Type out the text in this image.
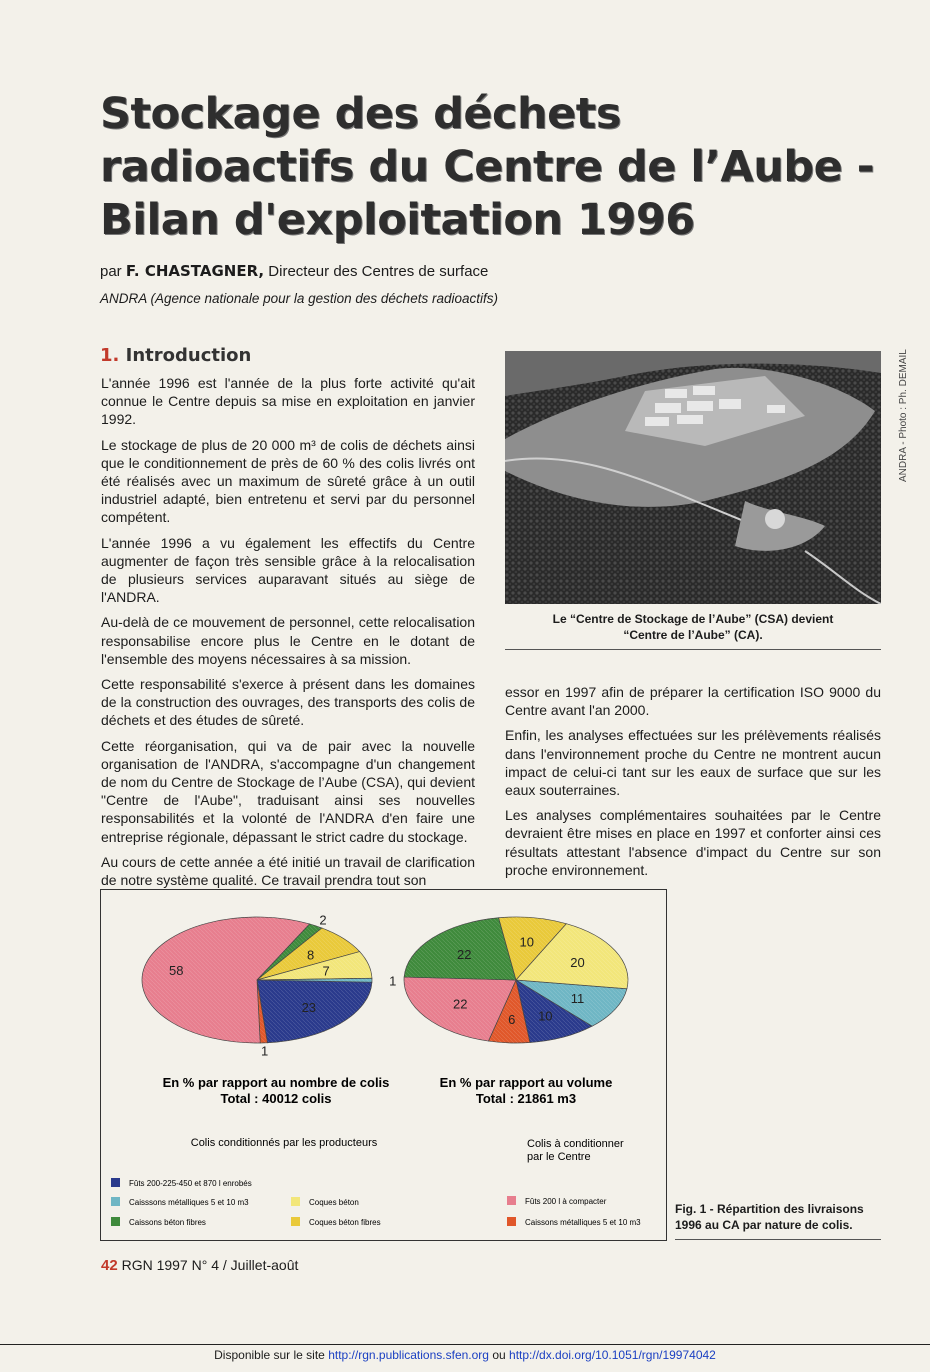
Stockage des déchets
radioactifs du Centre de l’Aube -
Bilan d'exploitation 1996
par F. CHASTAGNER, Directeur des Centres de surface
ANDRA (Agence nationale pour la gestion des déchets radioactifs)
1. Introduction

L'année 1996 est l'année de la plus forte activité qu'ait connue le Centre depuis sa mise en exploitation en janvier 1992.

Le stockage de plus de 20 000 m³ de colis de déchets ainsi que le conditionnement de près de 60 % des colis livrés ont été réalisés avec un maximum de sûreté grâce à un outil industriel adapté, bien entretenu et servi par du personnel compétent.

L'année 1996 a vu également les effectifs du Centre augmenter de façon très sensible grâce à la relocalisation de plusieurs services auparavant situés au siège de l'ANDRA.

Au-delà de ce mouvement de personnel, cette relocalisation responsabilise encore plus le Centre en le dotant de l'ensemble des moyens nécessaires à sa mission.

Cette responsabilité s'exerce à présent dans les domaines de la construction des ouvrages, des transports des colis de déchets et des études de sûreté.

Cette réorganisation, qui va de pair avec la nouvelle organisation de l'ANDRA, s'accompagne d'un changement de nom du Centre de Stockage de l’Aube (CSA), qui devient "Centre de l'Aube", traduisant ainsi ses nouvelles responsabilités et la volonté de l'ANDRA d'en faire une entreprise régionale, dépassant le strict cadre du stockage.

Au cours de cette année a été initié un travail de clarification de notre système qualité. Ce travail prendra tout son

ANDRA - Photo : Ph. DEMAIL
Le “Centre de Stockage de l’Aube” (CSA) devient
“Centre de l’Aube” (CA).

essor en 1997 afin de préparer la certification ISO 9000 du Centre avant l'an 2000.

Enfin, les analyses effectuées sur les prélèvements réalisés dans l'environnement proche du Centre ne montrent aucun impact de celui-ci tant sur les eaux de surface que sur les eaux souterraines.

Les analyses complémentaires souhaitées par le Centre devraient être mises en place en 1997 et conforter ainsi ces résultats attestant l'absence d'impact du Centre sur son proche environnement.

23
1
58
2
8
7
1
11
10
6
22
22
10
20
En % par rapport au nombre de colis
Total : 40012 colis
En % par rapport au volume
Total : 21861 m3
Colis conditionnés par les producteurs	Colis à conditionner
par le Centre
Fûts 200-225-450 et 870 l enrobés
Caisssons métalliques 5 et 10 m3
Caissons béton fibres
Coques béton
Coques béton fibres
Fûts 200 l à compacter
Caissons métalliques 5 et 10 m3
Fig. 1 - Répartition des livraisons
1996 au CA par nature de colis.
42 RGN 1997 N° 4 / Juillet-août
Disponible sur le site http://rgn.publications.sfen.org ou http://dx.doi.org/10.1051/rgn/19974042
